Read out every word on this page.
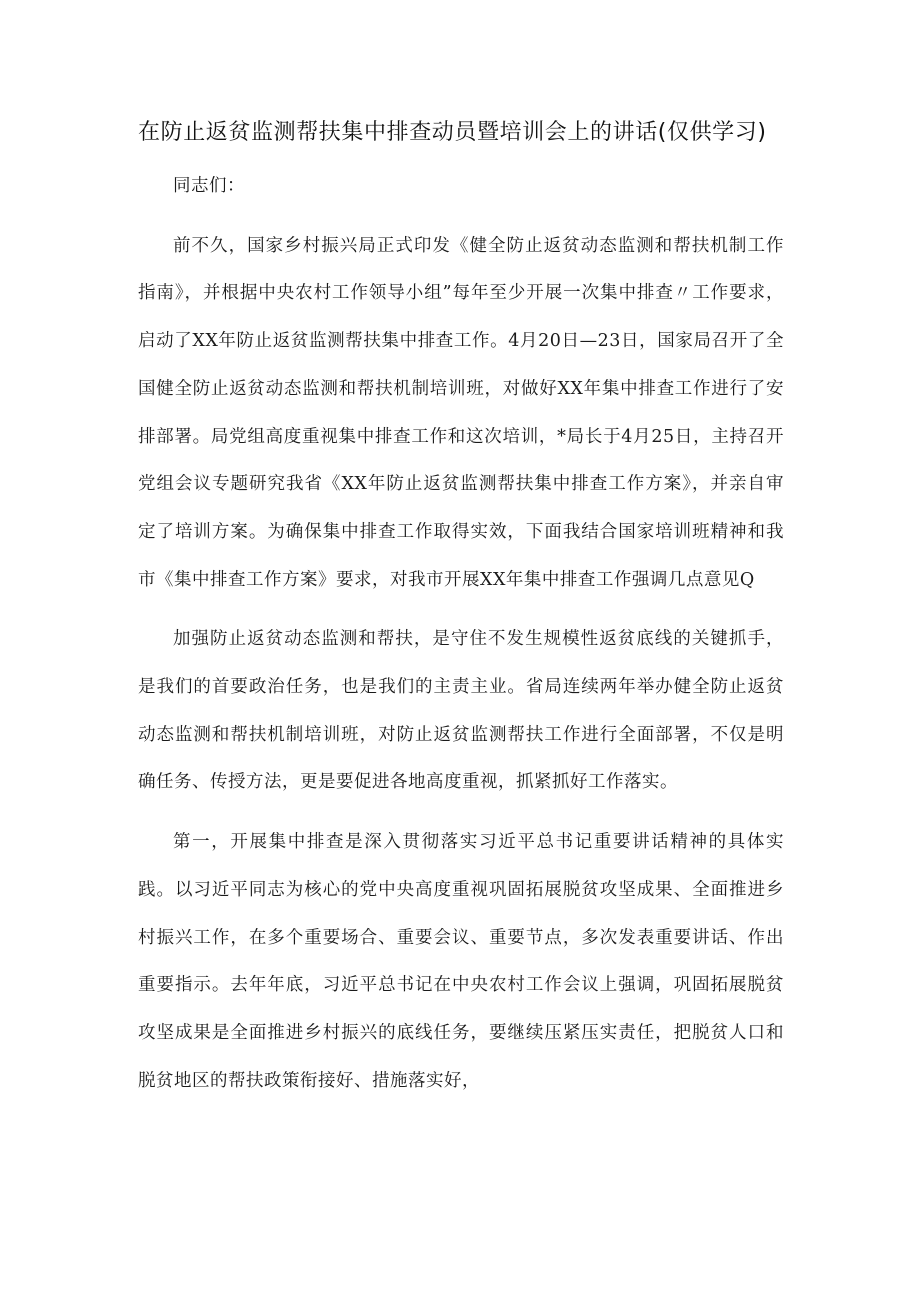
在防止返贫监测帮扶集中排查动员暨培训会上的讲话(仅供学习)

同志们：

前不久，国家乡村振兴局正式印发《健全防止返贫动态监测和帮扶机制工作指南》，并根据中央农村工作领导小组”每年至少开展一次集中排查〃工作要求，启动了XX年防止返贫监测帮扶集中排查工作。4月20日—23日，国家局召开了全国健全防止返贫动态监测和帮扶机制培训班，对做好XX年集中排查工作进行了安排部署。局党组高度重视集中排查工作和这次培训，*局长于4月25日，主持召开党组会议专题研究我省《XX年防止返贫监测帮扶集中排查工作方案》，并亲自审定了培训方案。为确保集中排查工作取得实效，下面我结合国家培训班精神和我市《集中排查工作方案》要求，对我市开展XX年集中排查工作强调几点意见Q

加强防止返贫动态监测和帮扶，是守住不发生规模性返贫底线的关键抓手，是我们的首要政治任务，也是我们的主责主业。省局连续两年举办健全防止返贫动态监测和帮扶机制培训班，对防止返贫监测帮扶工作进行全面部署，不仅是明确任务、传授方法，更是要促进各地高度重视，抓紧抓好工作落实。

第一，开展集中排查是深入贯彻落实习近平总书记重要讲话精神的具体实践。以习近平同志为核心的党中央高度重视巩固拓展脱贫攻坚成果、全面推进乡村振兴工作，在多个重要场合、重要会议、重要节点，多次发表重要讲话、作出重要指示。去年年底，习近平总书记在中央农村工作会议上强调，巩固拓展脱贫攻坚成果是全面推进乡村振兴的底线任务，要继续压紧压实责任，把脱贫人口和脱贫地区的帮扶政策衔接好、措施落实好，
